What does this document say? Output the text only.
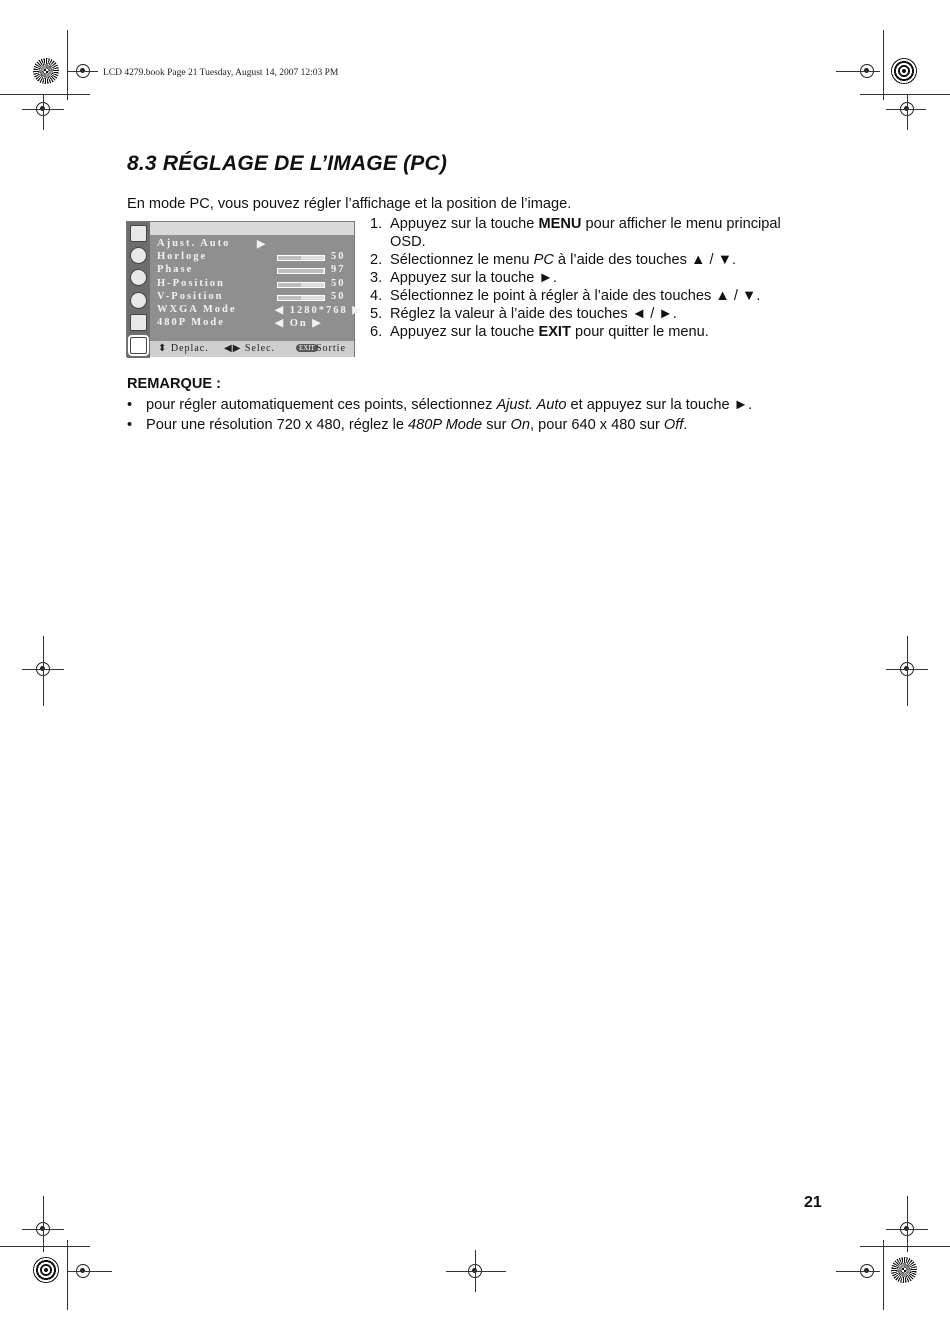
LCD 4279.book Page 21 Tuesday, August 14, 2007 12:03 PM
8.3 RÉGLAGE DE L’IMAGE (PC)
En mode PC, vous pouvez régler l’affichage et la position de l’image.
Ajust. Auto	▶
Horloge	50
Phase	97
H-Position	50
V-Position	50
WXGA Mode	◀ 1280*768 ▶
480P Mode	◀ On ▶
⬍ Deplac. ◀▶ Selec.	EXIT Sortie
1. Appuyez sur la touche MENU pour afficher le menu principal OSD.
2. Sélectionnez le menu PC à l’aide des touches ▲ / ▼.
3. Appuyez sur la touche ►.
4. Sélectionnez le point à régler à l’aide des touches ▲ / ▼.
5. Réglez la valeur à l’aide des touches ◄ / ►.
6. Appuyez sur la touche EXIT pour quitter le menu.
REMARQUE :
• pour régler automatiquement ces points, sélectionnez Ajust. Auto et appuyez sur la touche ►.
• Pour une résolution 720 x 480, réglez le 480P Mode sur On, pour 640 x 480 sur Off.
21
